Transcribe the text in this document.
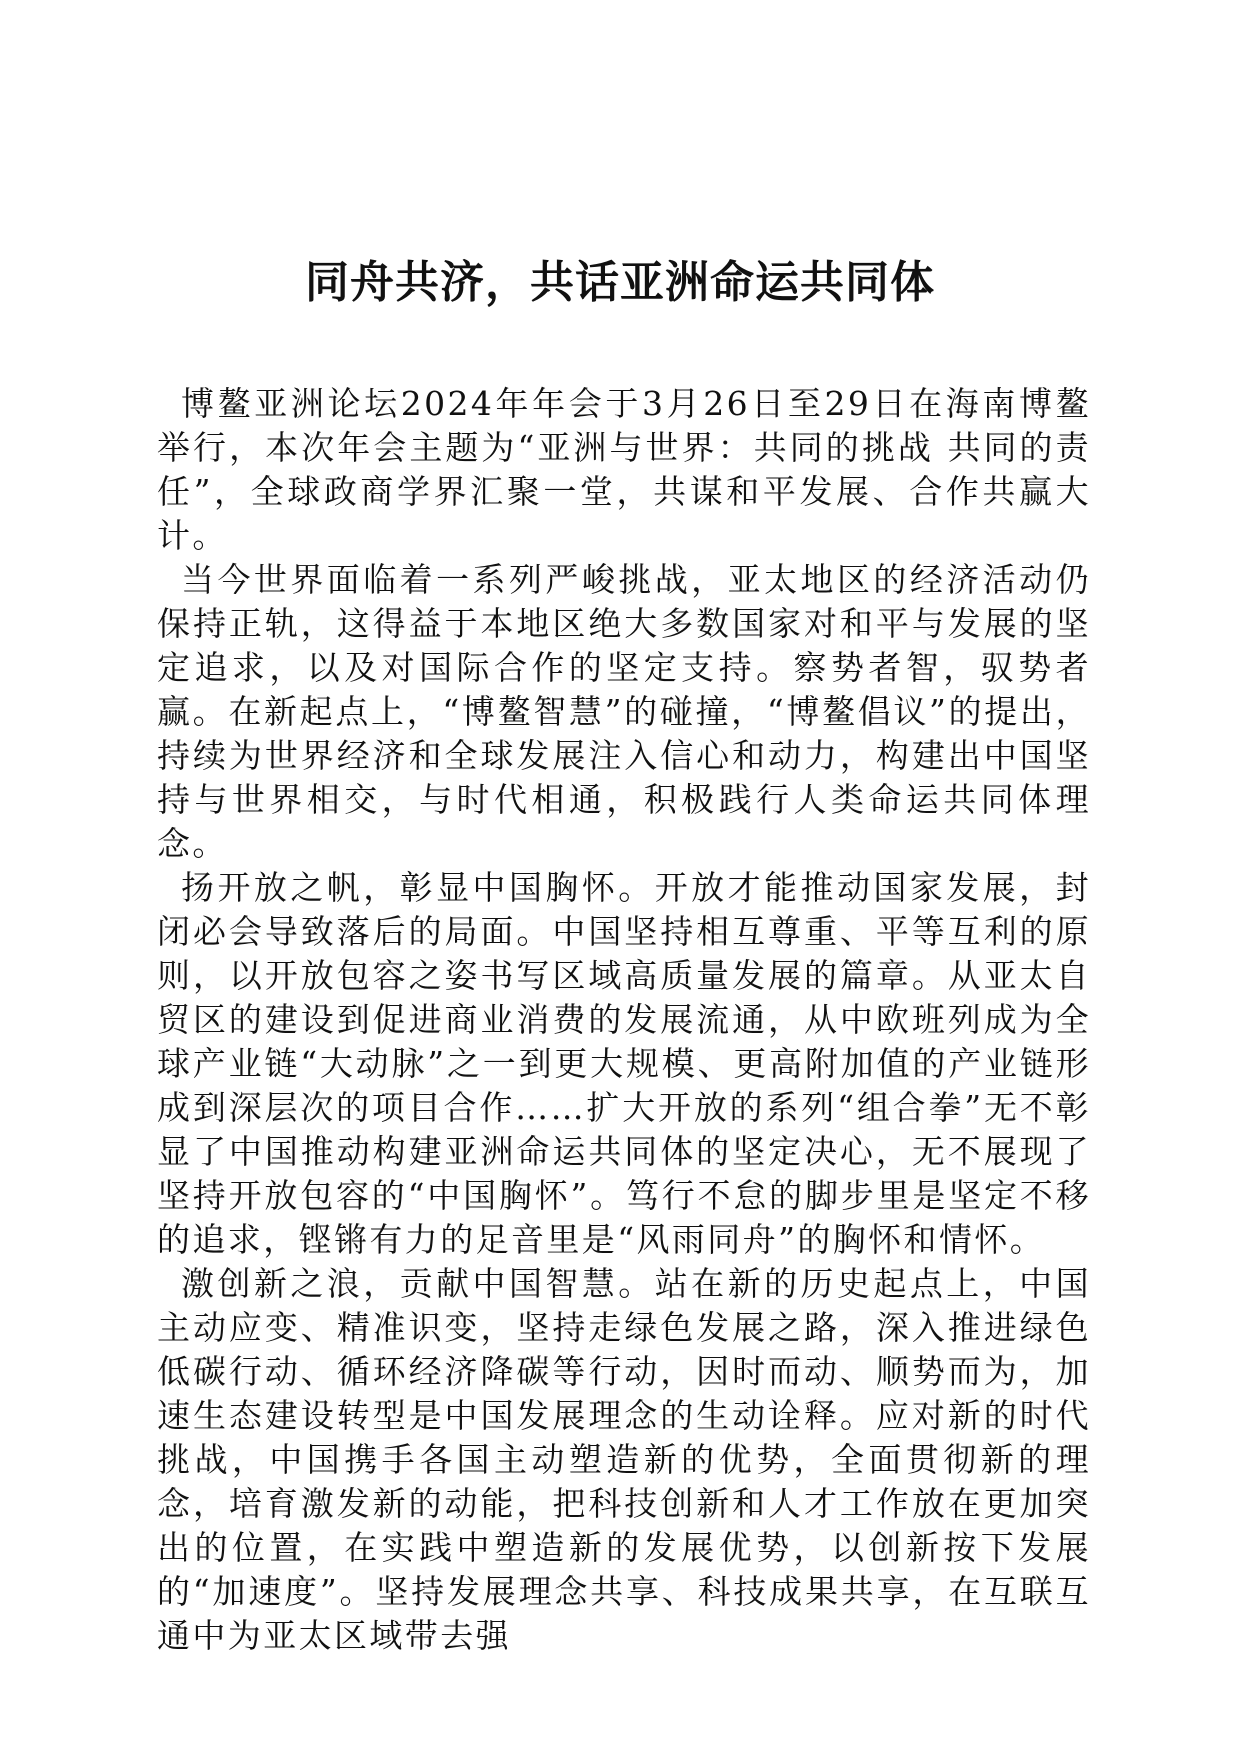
同舟共济，共话亚洲命运共同体

博鳌亚洲论坛2024年年会于3月26日至29日在海南博鳌举行，本次年会主题为“亚洲与世界：共同的挑战 共同的责任”，全球政商学界汇聚一堂，共谋和平发展、合作共赢大计。

当今世界面临着一系列严峻挑战，亚太地区的经济活动仍保持正轨，这得益于本地区绝大多数国家对和平与发展的坚定追求，以及对国际合作的坚定支持。察势者智，驭势者赢。在新起点上，“博鳌智慧”的碰撞，“博鳌倡议”的提出，持续为世界经济和全球发展注入信心和动力，构建出中国坚持与世界相交，与时代相通，积极践行人类命运共同体理念。

扬开放之帆，彰显中国胸怀。开放才能推动国家发展，封闭必会导致落后的局面。中国坚持相互尊重、平等互利的原则，以开放包容之姿书写区域高质量发展的篇章。从亚太自贸区的建设到促进商业消费的发展流通，从中欧班列成为全球产业链“大动脉”之一到更大规模、更高附加值的产业链形成到深层次的项目合作……扩大开放的系列“组合拳”无不彰显了中国推动构建亚洲命运共同体的坚定决心，无不展现了坚持开放包容的“中国胸怀”。笃行不怠的脚步里是坚定不移的追求，铿锵有力的足音里是“风雨同舟”的胸怀和情怀。

激创新之浪，贡献中国智慧。站在新的历史起点上，中国主动应变、精准识变，坚持走绿色发展之路，深入推进绿色低碳行动、循环经济降碳等行动，因时而动、顺势而为，加速生态建设转型是中国发展理念的生动诠释。应对新的时代挑战，中国携手各国主动塑造新的优势，全面贯彻新的理念，培育激发新的动能，把科技创新和人才工作放在更加突出的位置，在实践中塑造新的发展优势，以创新按下发展的“加速度”。坚持发展理念共享、科技成果共享，在互联互通中为亚太区域带去强
